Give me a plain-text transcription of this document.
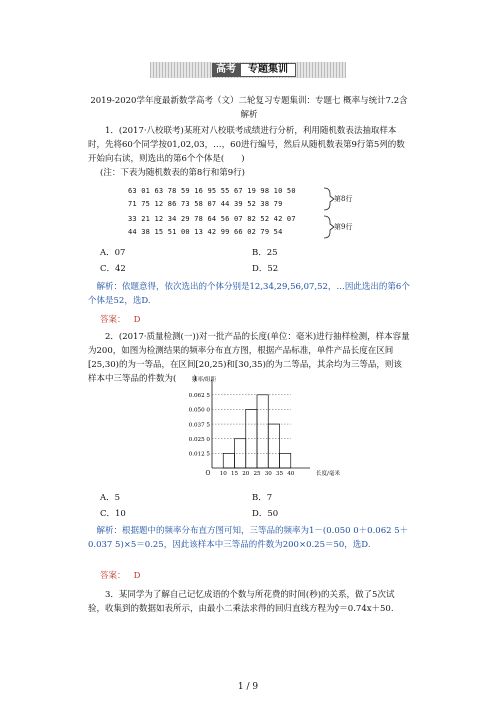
高考	专题集训
2019-2020学年度最新数学高考（文）二轮复习专题集训：专题七 概率与统计7.2含解析
1．(2017·八校联考)某班对八校联考成绩进行分析，利用随机数表法抽取样本时，先将60个同学按01,02,03，…，60进行编号，然后从随机数表第9行第5列的数开始向右读，则选出的第6个个体是(　　)
(注：下表为随机数表的第8行和第9行)
63 01 63 78 59 16 95 55 67 19 98 10 50
71 75 12 86 73 58 07 44 39 52 38 79
33 21 12 34 29 78 64 56 07 82 52 42 07
44 38 15 51 00 13 42 99 66 02 79 54
第8行
第9行
A．07	B．25
C．42	D．52
解析：依题意得，依次选出的个体分别是12,34,29,56,07,52，…因此选出的第6个个体是52，选D.
答案： D
2．(2017·质量检测(一))对一批产品的长度(单位：毫米)进行抽样检测，样本容量为200，如图为检测结果的频率分布直方图，根据产品标准，单件产品长度在区间[25,30)的为一等品，在区间[20,25)和[30,35)的为二等品，其余均为三等品，则该样本中三等品的件数为(　　)
0.062 5
0.050 0
0.037 5
0.025 0
0.012 5
10 15 20 25 30 35 40
O
频率/组距
长度/毫米
A．5	B．7
C．10	D．50
解析：根据题中的频率分布直方图可知，三等品的频率为1－(0.050 0＋0.062 5＋0.037 5)×5＝0.25，因此该样本中三等品的件数为200×0.25＝50，选D.
答案： D
3．某同学为了解自己记忆成语的个数与所花费的时间(秒)的关系，做了5次试验，收集到的数据如表所示，由最小二乘法求得的回归直线方程为ŷ＝0.74x＋50.
1 / 9
